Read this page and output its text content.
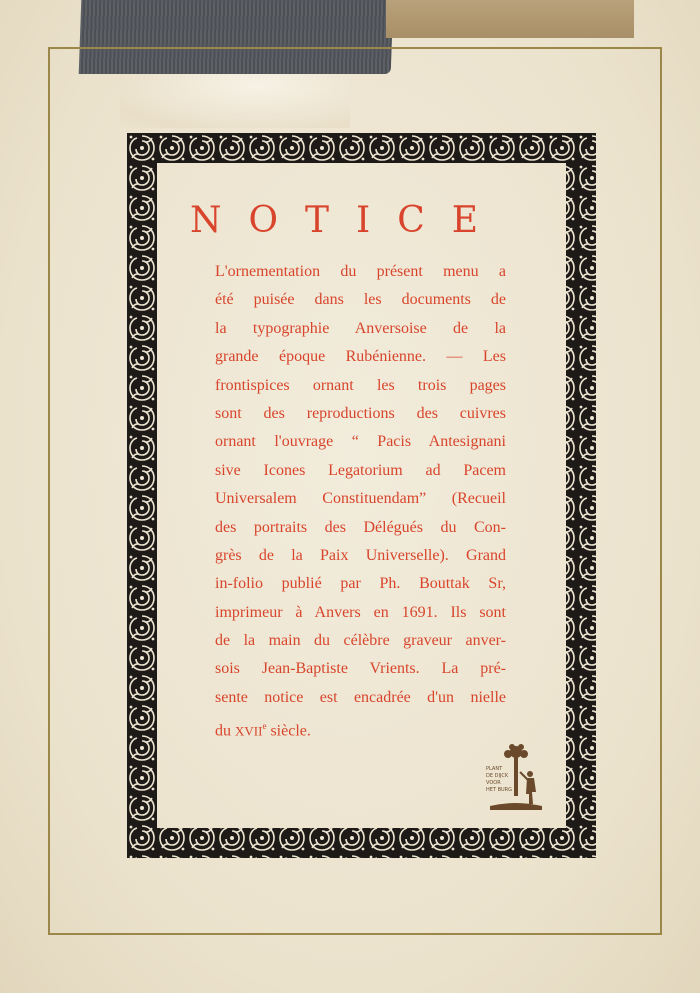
NOTICE
L'ornementation du présent menu a
été puisée dans les documents de
la typographie Anversoise de la
grande époque Rubénienne. — Les
frontispices ornant les trois pages
sont des reproductions des cuivres
ornant l'ouvrage “ Pacis Antesignani
sive Icones Legatorium ad Pacem
Universalem Constituendam” (Recueil
des portraits des Délégués du Con-
grès de la Paix Universelle). Grand
in-folio publié par Ph. Bouttak Sr,
imprimeur à Anvers en 1691. Ils sont
de la main du célèbre graveur anver-
sois Jean-Baptiste Vrients. La pré-
sente notice est encadrée d'un nielle
du XVIIe siècle.
PLANT
DE DIJCK
VOOR
HET BURG
